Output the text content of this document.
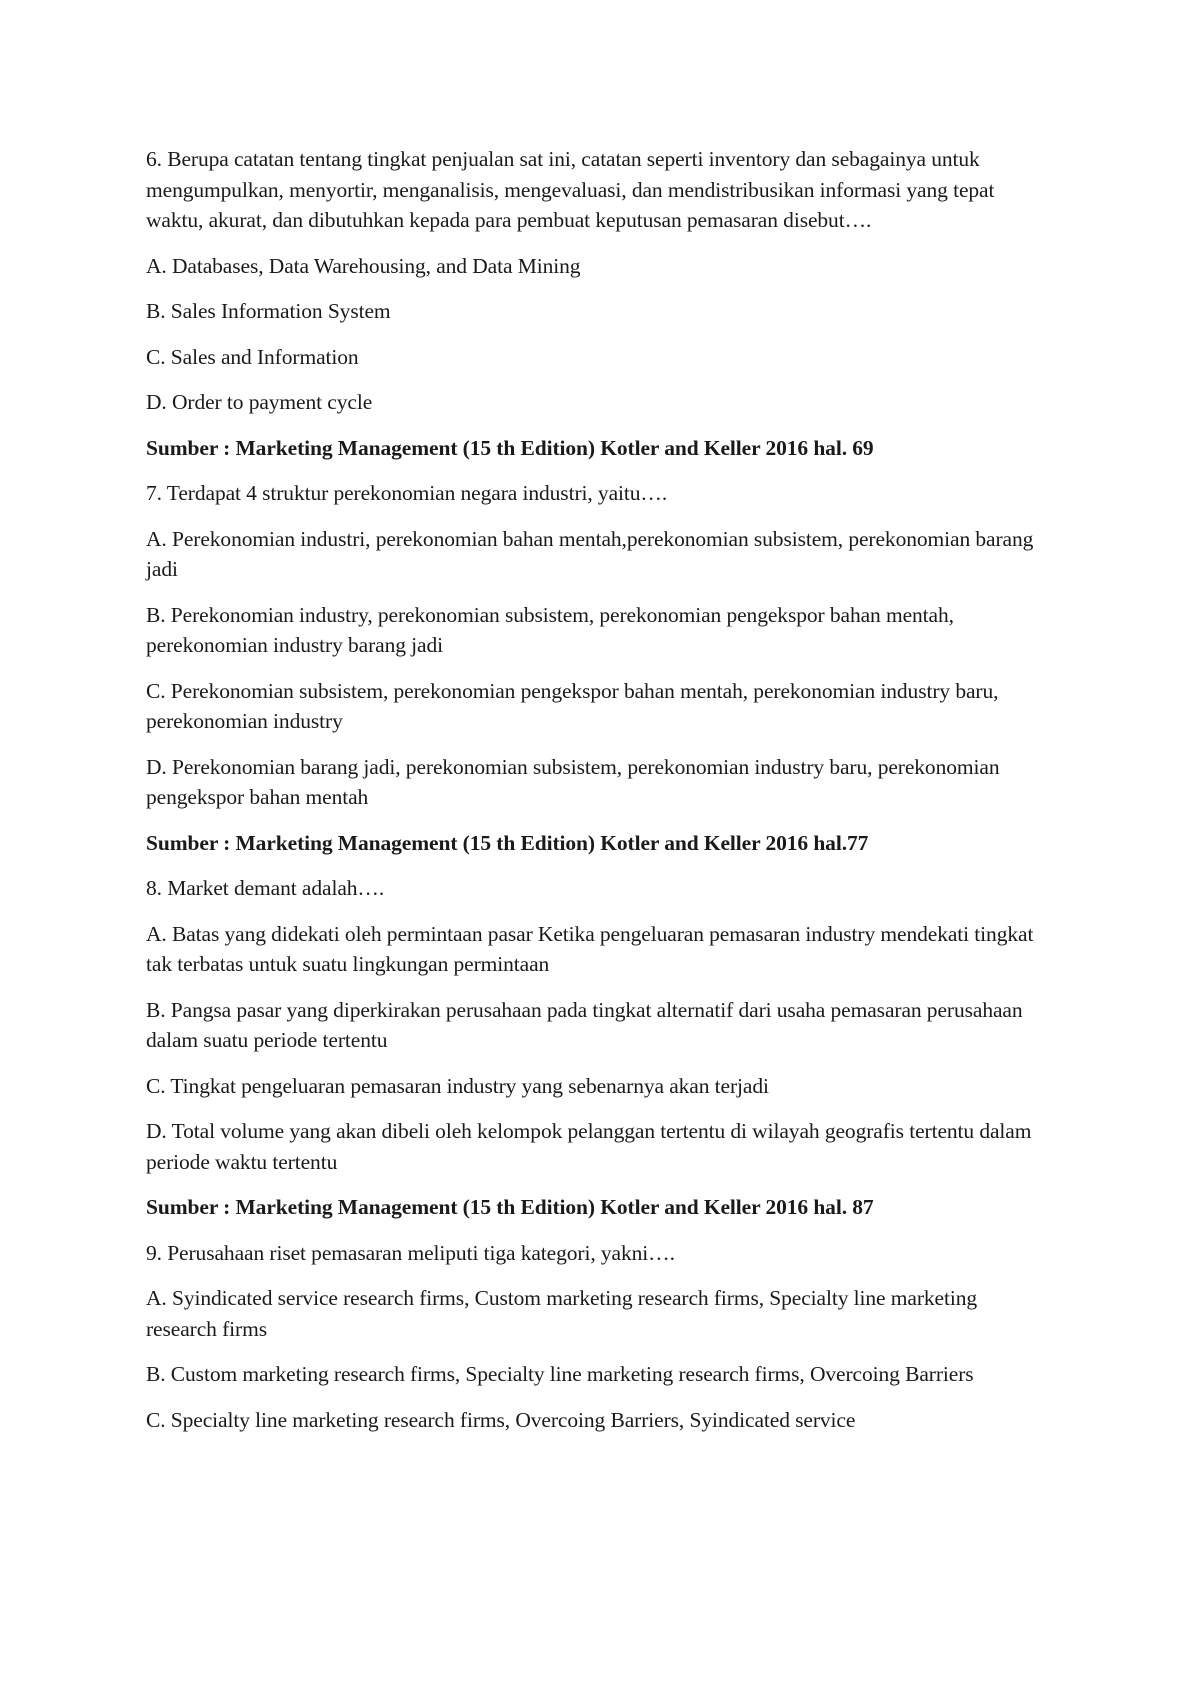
6. Berupa catatan tentang tingkat penjualan sat ini, catatan seperti inventory dan sebagainya untuk mengumpulkan, menyortir, menganalisis, mengevaluasi, dan mendistribusikan informasi yang tepat waktu, akurat, dan dibutuhkan kepada para pembuat keputusan pemasaran disebut….

A. Databases, Data Warehousing, and Data Mining

B. Sales Information System

C. Sales and Information

D. Order to payment cycle

Sumber : Marketing Management (15 th Edition) Kotler and Keller 2016 hal. 69

7. Terdapat 4 struktur perekonomian negara industri, yaitu….

A. Perekonomian industri, perekonomian bahan mentah,perekonomian subsistem, perekonomian barang jadi

B. Perekonomian industry, perekonomian subsistem, perekonomian pengekspor bahan mentah, perekonomian industry barang jadi

C. Perekonomian subsistem, perekonomian pengekspor bahan mentah, perekonomian industry baru, perekonomian industry

D. Perekonomian barang jadi, perekonomian subsistem, perekonomian industry baru, perekonomian pengekspor bahan mentah

Sumber : Marketing Management (15 th Edition) Kotler and Keller 2016 hal.77

8. Market demant adalah….

A. Batas yang didekati oleh permintaan pasar Ketika pengeluaran pemasaran industry mendekati tingkat tak terbatas untuk suatu lingkungan permintaan

B. Pangsa pasar yang diperkirakan perusahaan pada tingkat alternatif dari usaha pemasaran perusahaan dalam suatu periode tertentu

C. Tingkat pengeluaran pemasaran industry yang sebenarnya akan terjadi

D. Total volume yang akan dibeli oleh kelompok pelanggan tertentu di wilayah geografis tertentu dalam periode waktu tertentu

Sumber : Marketing Management (15 th Edition) Kotler and Keller 2016 hal. 87

9. Perusahaan riset pemasaran meliputi tiga kategori, yakni….

A. Syindicated service research firms, Custom marketing research firms, Specialty line marketing research firms

B. Custom marketing research firms, Specialty line marketing research firms, Overcoing Barriers

C. Specialty line marketing research firms, Overcoing Barriers, Syindicated service
